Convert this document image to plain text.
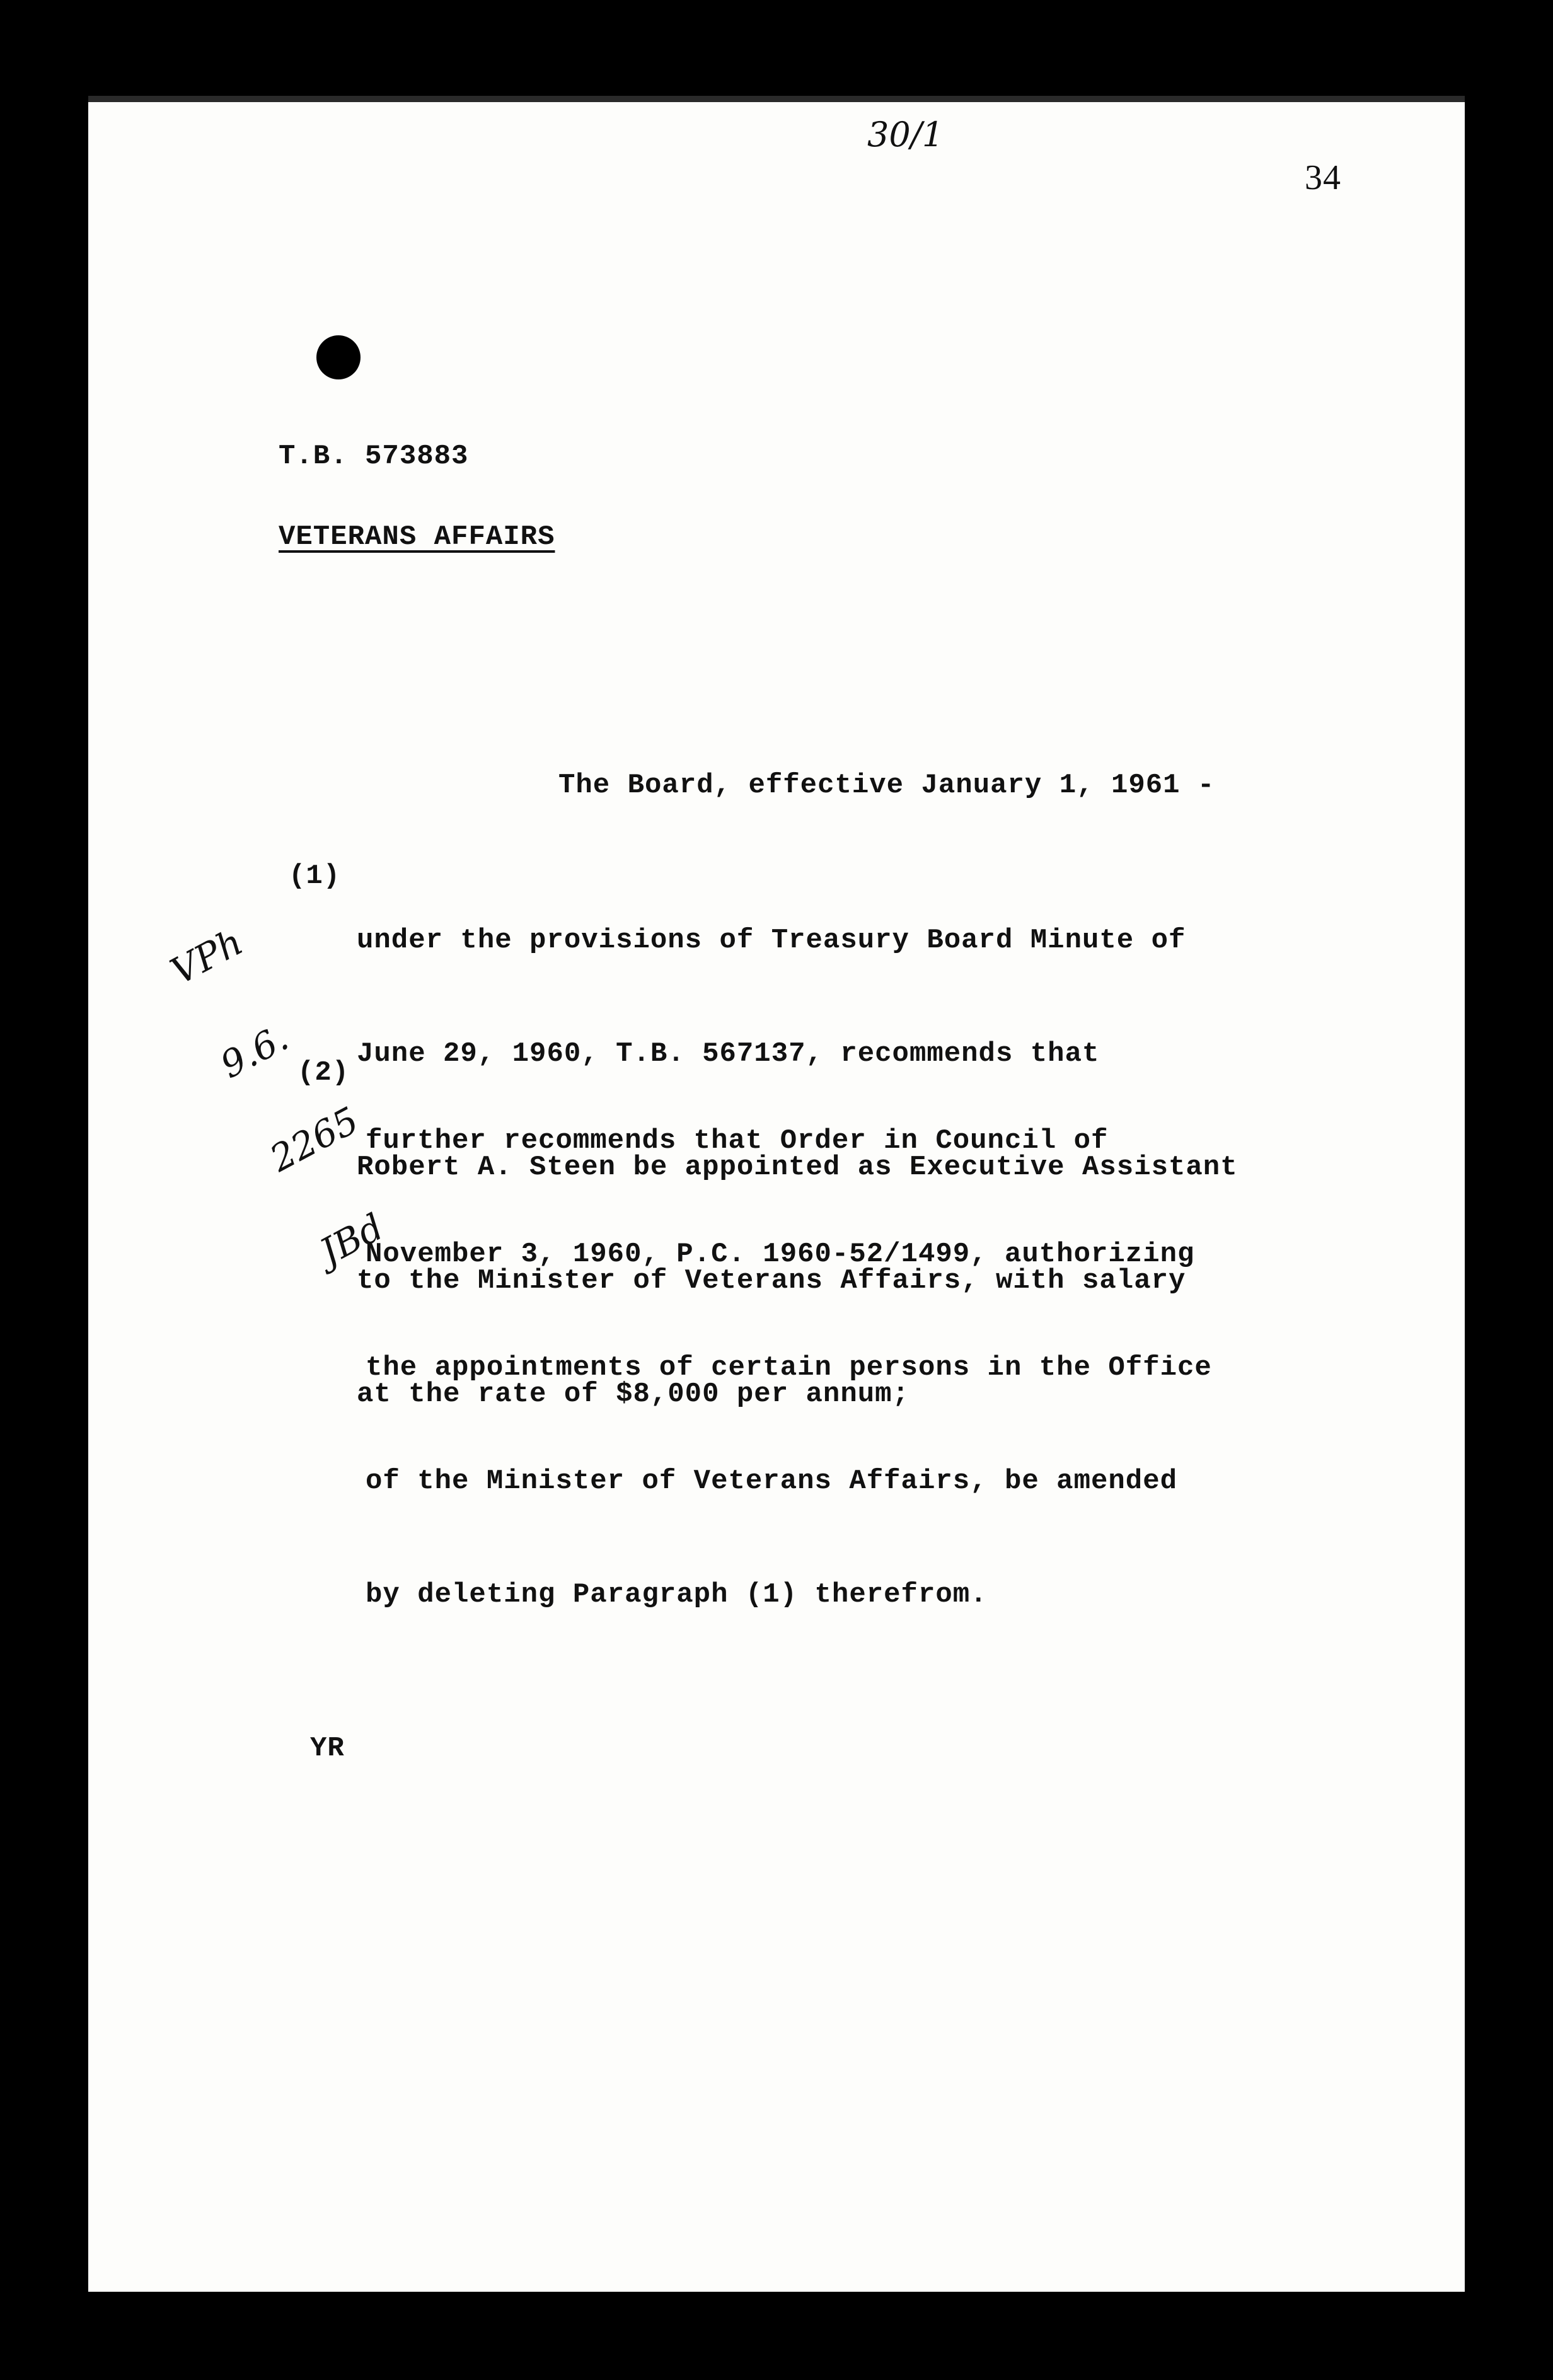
30/1
34
T.B. 573883
VETERANS AFFAIRS
The Board, effective January 1, 1961 -
(1)

under the provisions of Treasury Board Minute of

June 29, 1960, T.B. 567137, recommends that

Robert A. Steen be appointed as Executive Assistant

to the Minister of Veterans Affairs, with salary

at the rate of $8,000 per annum;

VPh

9.6.

2265

JBd

(2)

further recommends that Order in Council of

November 3, 1960, P.C. 1960-52/1499, authorizing

the appointments of certain persons in the Office

of the Minister of Veterans Affairs, be amended

by deleting Paragraph (1) therefrom.

YR
